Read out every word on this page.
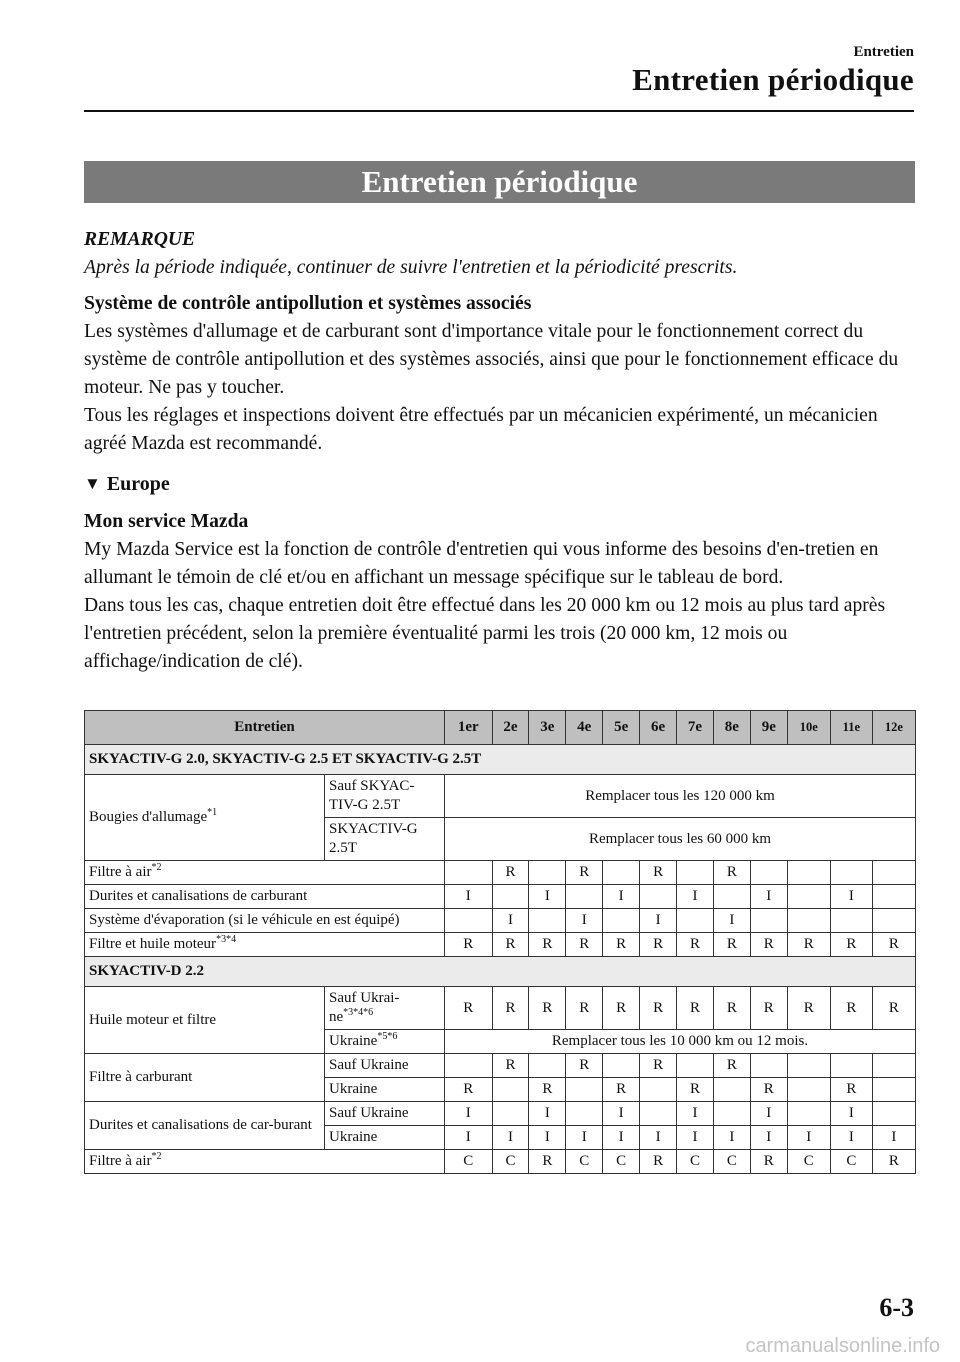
Entretien
Entretien périodique
Entretien périodique

REMARQUE

Après la période indiquée, continuer de suivre l'entretien et la périodicité prescrits.

Système de contrôle antipollution et systèmes associés

Les systèmes d'allumage et de carburant sont d'importance vitale pour le fonctionnement correct du système de contrôle antipollution et des systèmes associés, ainsi que pour le fonctionnement efficace du moteur. Ne pas y toucher.

Tous les réglages et inspections doivent être effectués par un mécanicien expérimenté, un mécanicien agréé Mazda est recommandé.

▼ Europe

Mon service Mazda

My Mazda Service est la fonction de contrôle d'entretien qui vous informe des besoins d'en-tretien en allumant le témoin de clé et/ou en affichant un message spécifique sur le tableau de bord.

Dans tous les cas, chaque entretien doit être effectué dans les 20 000 km ou 12 mois au plus tard après l'entretien précédent, selon la première éventualité parmi les trois (20 000 km, 12 mois ou affichage/indication de clé).

Entretien		1er	2e	3e	4e	5e	6e	7e	8e	9e	10e	11e	12e
SKYACTIV-G 2.0, SKYACTIV-G 2.5 ET SKYACTIV-G 2.5T													
Bougies d'allumage$^{*1}$	Sauf SKYAC-TIV-G 2.5T	Remplacer tous les 120 000 km											
	SKYACTIV-G 2.5T	Remplacer tous les 60 000 km											
Filtre à air$^{*2}$			R		R		R		R				
Durites et canalisations de carburant		I		I		I		I		I		I	
Système d'évaporation (si le véhicule en est équipé)			I		I		I		I				
Filtre et huile moteur$^{*3*4}$		R	R	R	R	R	R	R	R	R	R	R	R
SKYACTIV-D 2.2													
Huile moteur et filtre	Sauf Ukrai-$ne^{*3*4*6}$	R	R	R	R	R	R	R	R	R	R	R	R
	Ukraine$^{*5*6}$	Remplacer tous les 10 000 km ou 12 mois.											
Filtre à carburant	Sauf Ukraine		R		R		R		R				
	Ukraine	R		R		R		R		R		R	
Durites et canalisations de car-burant	Sauf Ukraine	I		I		I		I		I		I	
	Ukraine	I	I	I	I	I	I	I	I	I	I	I	I
Filtre à air$^{*2}$		C	C	R	C	C	R	C	C	R	C	C	R
6-3
carmanualsonline.info
